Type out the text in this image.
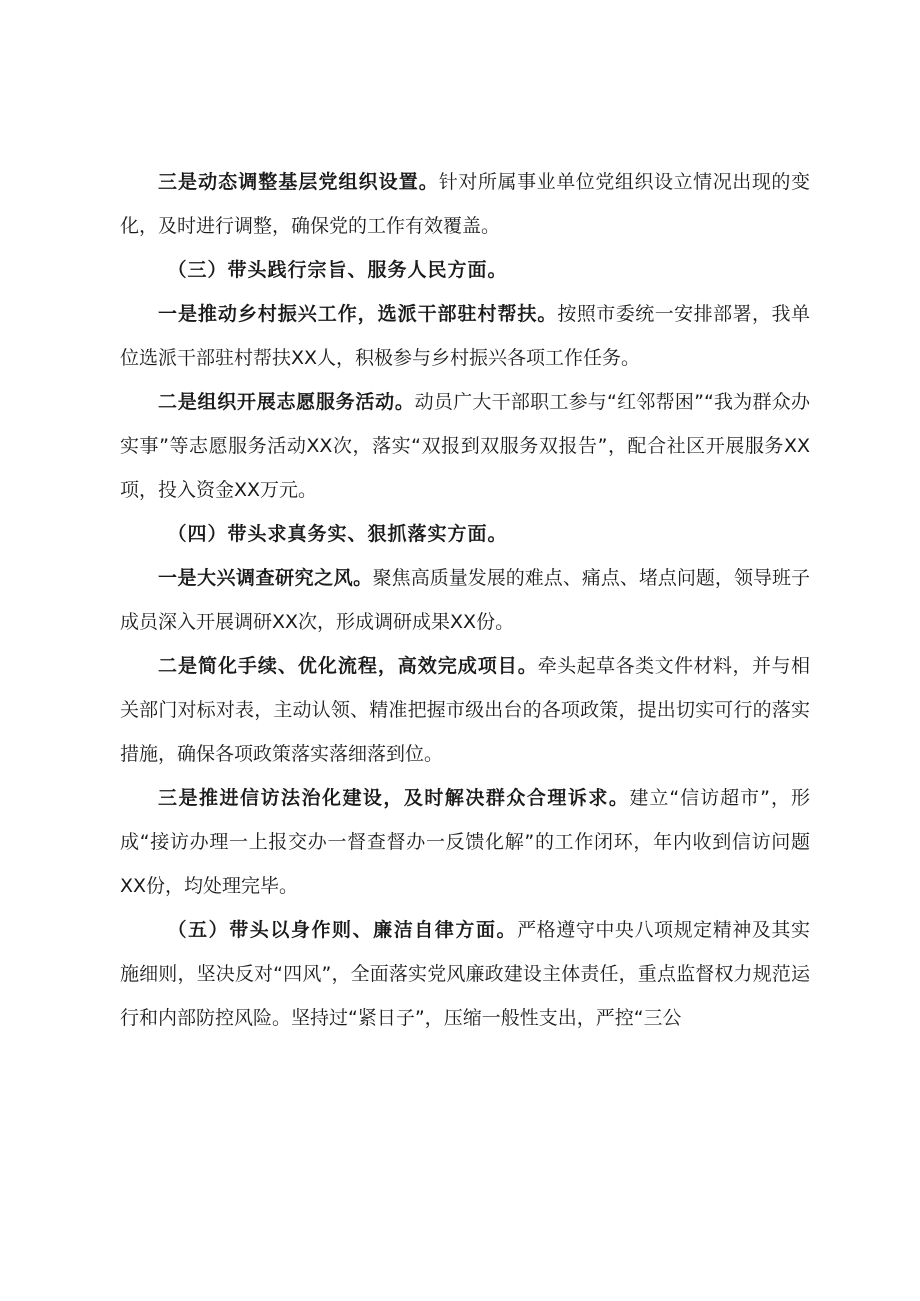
三是动态调整基层党组织设置。针对所属事业单位党组织设立情况出现的变化，及时进行调整，确保党的工作有效覆盖。

（三）带头践行宗旨、服务人民方面。

一是推动乡村振兴工作，选派干部驻村帮扶。按照市委统一安排部署，我单位选派干部驻村帮扶XX人，积极参与乡村振兴各项工作任务。

二是组织开展志愿服务活动。动员广大干部职工参与“红邻帮困”“我为群众办实事”等志愿服务活动XX次，落实“双报到双服务双报告”，配合社区开展服务XX项，投入资金XX万元。

（四）带头求真务实、狠抓落实方面。

一是大兴调查研究之风。聚焦高质量发展的难点、痛点、堵点问题，领导班子成员深入开展调研XX次，形成调研成果XX份。

二是简化手续、优化流程，高效完成项目。牵头起草各类文件材料，并与相关部门对标对表，主动认领、精准把握市级出台的各项政策，提出切实可行的落实措施，确保各项政策落实落细落到位。

三是推进信访法治化建设，及时解决群众合理诉求。建立“信访超市”，形成“接访办理一上报交办一督查督办一反馈化解”的工作闭环，年内收到信访问题XX份，均处理完毕。

（五）带头以身作则、廉洁自律方面。严格遵守中央八项规定精神及其实施细则，坚决反对“四风”，全面落实党风廉政建设主体责任，重点监督权力规范运行和内部防控风险。坚持过“紧日子”，压缩一般性支出，严控“三公
